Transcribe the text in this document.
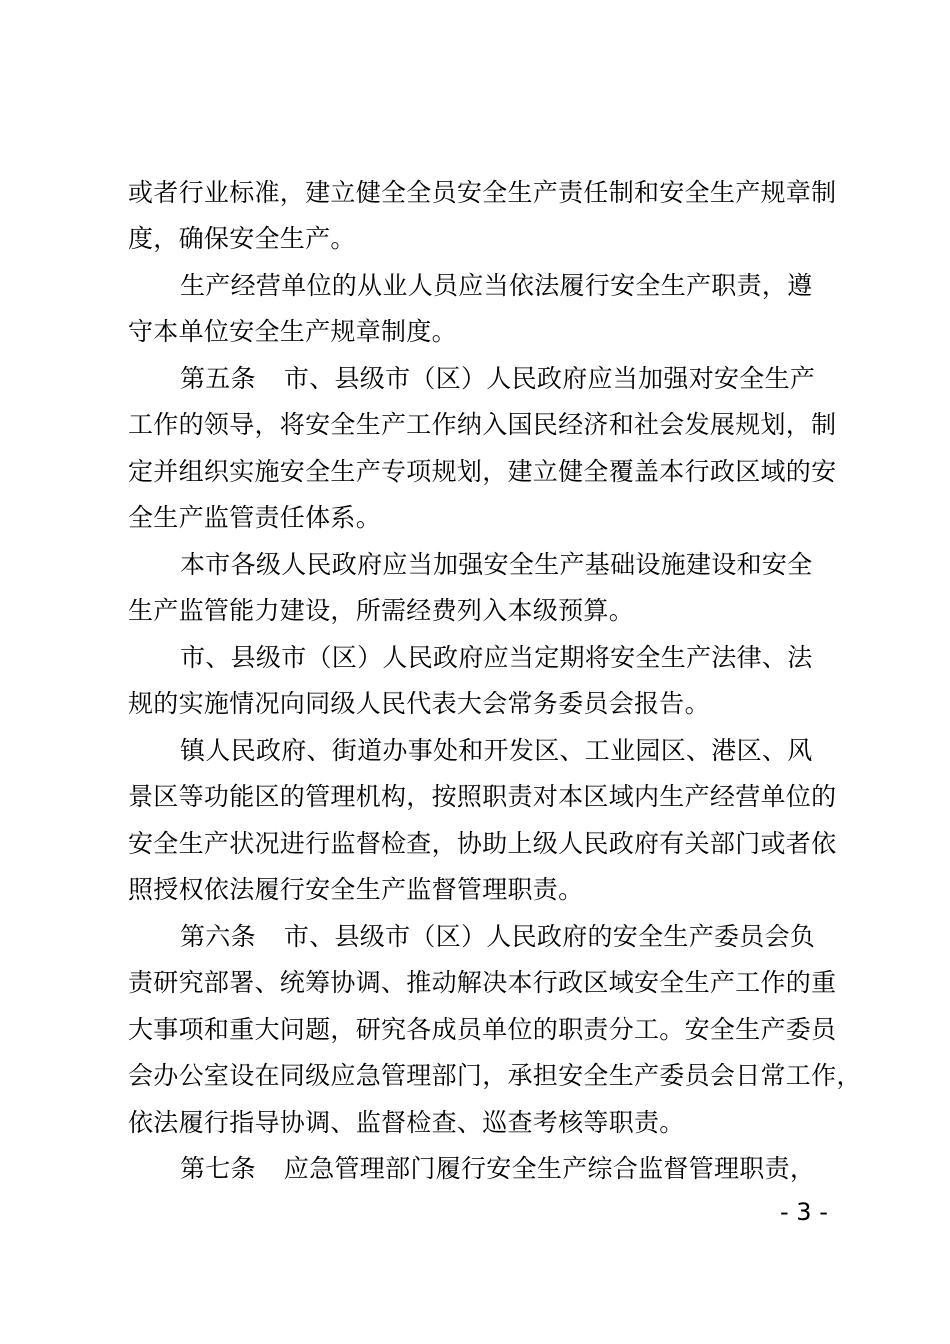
或者行业标准，建立健全全员安全生产责任制和安全生产规章制
度，确保安全生产。
生产经营单位的从业人员应当依法履行安全生产职责，遵
守本单位安全生产规章制度。
第五条 市、县级市（区）人民政府应当加强对安全生产
工作的领导，将安全生产工作纳入国民经济和社会发展规划，制
定并组织实施安全生产专项规划，建立健全覆盖本行政区域的安
全生产监管责任体系。
本市各级人民政府应当加强安全生产基础设施建设和安全
生产监管能力建设，所需经费列入本级预算。
市、县级市（区）人民政府应当定期将安全生产法律、法
规的实施情况向同级人民代表大会常务委员会报告。
镇人民政府、街道办事处和开发区、工业园区、港区、风
景区等功能区的管理机构，按照职责对本区域内生产经营单位的
安全生产状况进行监督检查，协助上级人民政府有关部门或者依
照授权依法履行安全生产监督管理职责。
第六条 市、县级市（区）人民政府的安全生产委员会负
责研究部署、统筹协调、推动解决本行政区域安全生产工作的重
大事项和重大问题，研究各成员单位的职责分工。安全生产委员
会办公室设在同级应急管理部门，承担安全生产委员会日常工作，
依法履行指导协调、监督检查、巡查考核等职责。
第七条 应急管理部门履行安全生产综合监督管理职责，
- 3 -
